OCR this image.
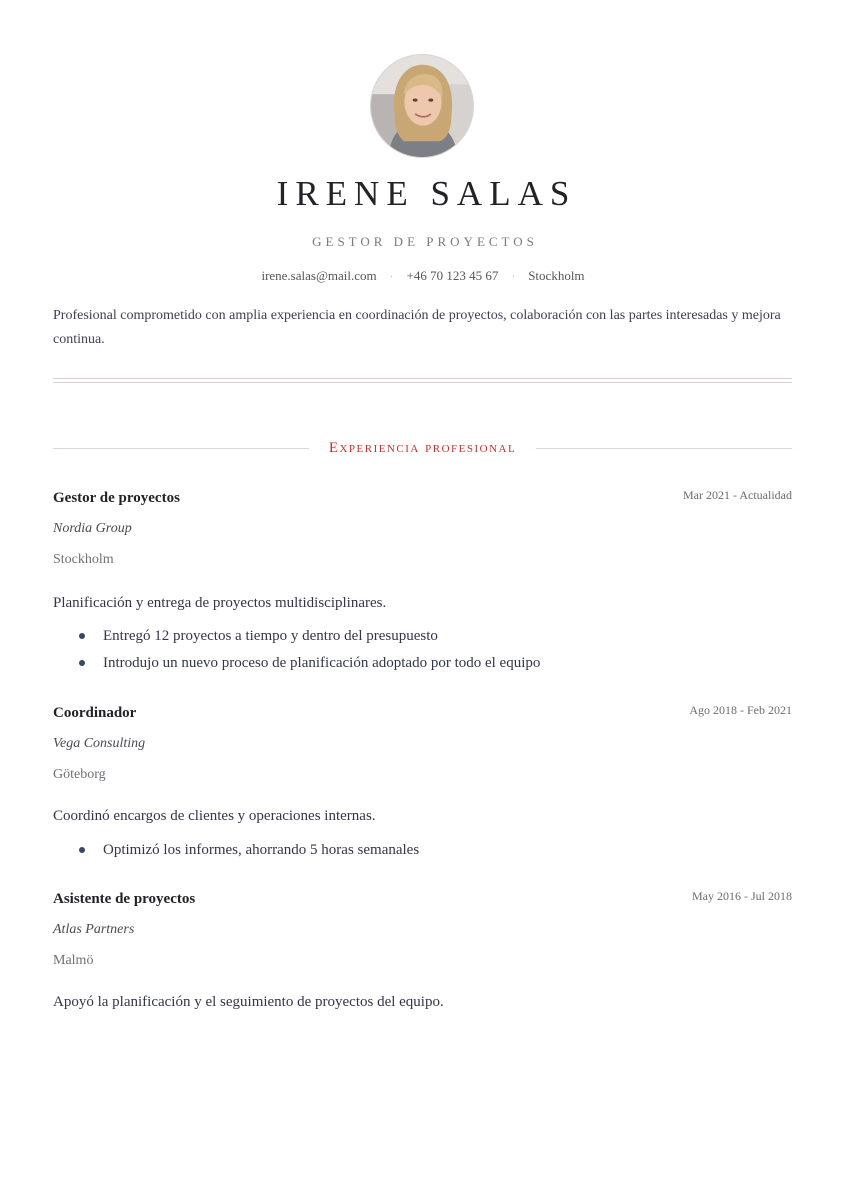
IRENE SALAS
GESTOR DE PROYECTOS
irene.salas@mail.com · +46 70 123 45 67 · Stockholm
Profesional comprometido con amplia experiencia en coordinación de proyectos, colaboración con las partes interesadas y mejora continua.
Experiencia profesional
Gestor de proyectos	Mar 2021 - Actualidad
Nordia Group
Stockholm
Planificación y entrega de proyectos multidisciplinares.
Entregó 12 proyectos a tiempo y dentro del presupuesto
Introdujo un nuevo proceso de planificación adoptado por todo el equipo
Coordinador	Ago 2018 - Feb 2021
Vega Consulting
Göteborg
Coordinó encargos de clientes y operaciones internas.
Optimizó los informes, ahorrando 5 horas semanales
Asistente de proyectos	May 2016 - Jul 2018
Atlas Partners
Malmö
Apoyó la planificación y el seguimiento de proyectos del equipo.
